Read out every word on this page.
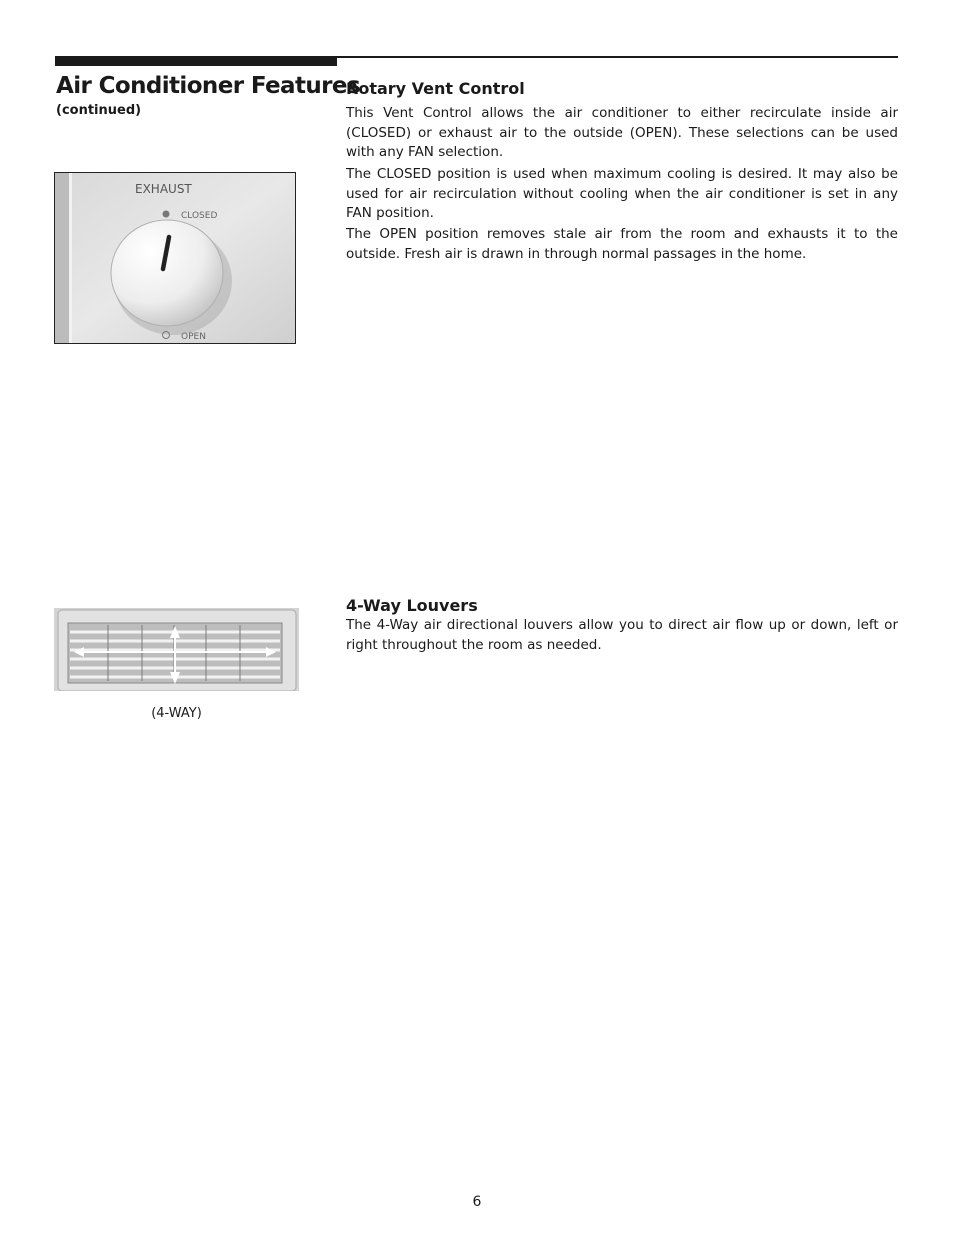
Air Conditioner Features
(continued)
Rotary Vent Control

This Vent Control allows the air conditioner to either recirculate inside air (CLOSED) or exhaust air to the outside (OPEN). These selections can be used with any FAN selection.

The CLOSED position is used when maximum cooling is desired. It may also be used for air recirculation without cooling when the air conditioner is set in any FAN position.

The OPEN position removes stale air from the room and exhausts it to the outside. Fresh air is drawn in through normal passages in the home.

EXHAUST
CLOSED
OPEN
4-Way Louvers

The 4-Way air directional louvers allow you to direct air flow up or down, left or right throughout the room as needed.

(4-WAY)
6
